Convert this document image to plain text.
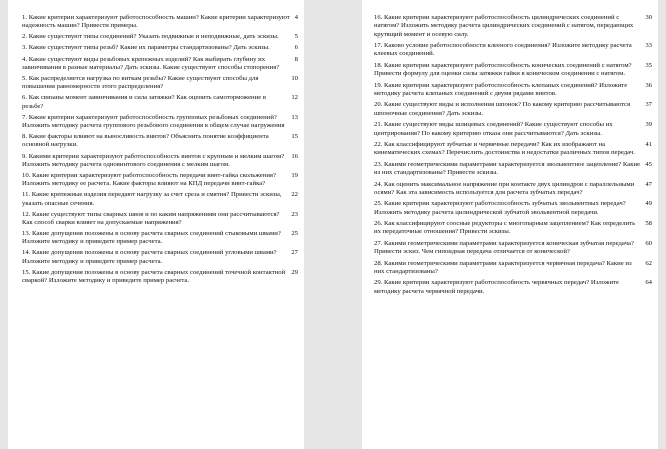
4
1. Какие критерии характеризуют работоспособность машин? Какие критерии характеризуют надежность машин? Привести примеры.
5
2. Какие существуют типы соединений? Указать подвижные и неподвижные, дать эскизы.
6
3. Какие существуют типы резьб? Какие их параметры стандартизованы? Дать эскизы.
8
4. Какие существуют виды резьбовых крепежных изделий? Как выбирать глубину их завинчивания в разные материалы? Дать эскизы. Какие существуют способы стопорения?
10
5. Как распределяется нагрузка по виткам резьбы? Какие существуют способы для повышения равномерности этого распределения?
12
6. Как связаны момент завинчивания и сила затяжки? Как оценить самоторможение в резьбе?
13
7. Какие критерии характеризуют работоспособность групповых резьбовых соединений? Изложить методику расчета группового резьбового соединения в общем случае нагружения
15
8. Какие факторы влияют на выносливость винтов? Объяснить понятие коэффициента основной нагрузки.
16
9. Какими критерии характеризуют работоспособность винтов с крупным и мелким шагом? Изложить методику расчета одновинтового соединения с мелким шагом.
19
10. Какие критерии характеризуют работоспособность передачи винт-гайка скольжения? Изложить методику ее расчета. Какие факторы влияют на КПД передачи винт-гайка?
22
11. Какие крепежные изделия передают нагрузку за счет среза и смятия? Привести эскизы, указать опасные сечения.
23
12. Какие существуют типы сварных швов и по каким напряжениям они рассчитываются? Как способ сварки влияет на допускаемые напряжения?
25
13. Какие допущения положены в основу расчета сварных соединений стыковыми швами? Изложите методику и приведите пример расчета.
27
14. Какие допущения положены в основу расчета сварных соединений угловыми швами? Изложите методику и приведите пример расчета.
29
15. Какие допущения положены в основу расчета сварных соединений точечной контактной сваркой? Изложите методику и приведите пример расчета.
30
16. Какие критерии характеризуют работоспособность цилиндрических соединений с натягом? Изложить методику расчета цилиндрических соединений с натягом, передающих крутящий момент и осевую силу.
33
17. Каково условие работоспособности клееного соединения? Изложите методику расчета клеевых соединений.
35
18. Какие критерии характеризуют работоспособность конических соединений с натягом? Привести формулу для оценки силы затяжки гайки в коническом соединении с натягом.
36
19. Какие критерии характеризуют работоспособность клепаных соединений? Изложите методику расчета клепаных соединений с двумя рядами винтов.
37
20. Какие существуют виды и исполнения шпонок? По какому критерию рассчитываются шпоночные соединения? Дать эскизы.
39
21. Какие существуют виды шлицевых соединений? Какие существуют способы их центрирования? По какому критерию отказа они рассчитываются? Дать эскизы.
41
22. Как классифицируют зубчатые и червячные передачи? Как их изображают на кинематических схемах? Перечислить достоинства и недостатки различных типов передач.
45
23. Какими геометрическими параметрами характеризуется эвольвентное зацепление? Какие из них стандартизованы? Привести эскизы.
47
24. Как оценить максимальное напряжение при контакте двух цилиндров с параллельными осями? Как эта зависимость используется для расчета зубчатых передач?
49
25. Какие критерии характеризуют работоспособность зубчатых эвольвентных передач? Изложить методику расчета цилиндрической зубчатой эвольвентной передачи.
58
26. Как классифицируют соосные редукторы с многопарным зацеплением? Как определить их передаточные отношения? Привести эскизы.
60
27. Какими геометрическими параметрами характеризуется коническая зубчатая передача? Привести эскиз. Чем гипоидная передача отличается от конической?
62
28. Какими геометрическими параметрами характеризуется червячная передача? Какие из них стандартизованы?
64
29. Какие критерии характеризуют работоспособность червячных передач? Изложите методику расчета червячной передачи.
